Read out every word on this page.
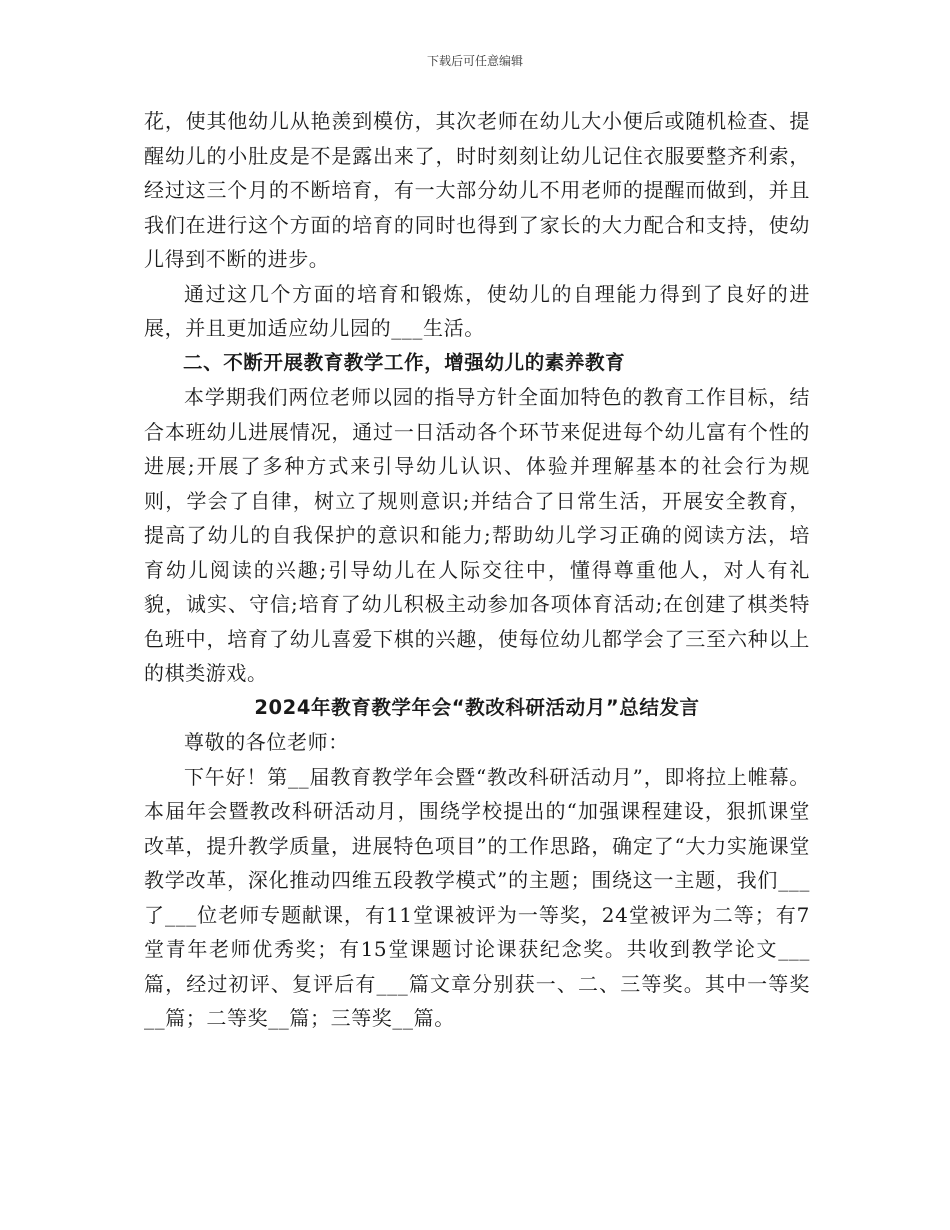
下载后可任意编辑

花，使其他幼儿从艳羡到模仿，其次老师在幼儿大小便后或随机检查、提醒幼儿的小肚皮是不是露出来了，时时刻刻让幼儿记住衣服要整齐利索，经过这三个月的不断培育，有一大部分幼儿不用老师的提醒而做到，并且我们在进行这个方面的培育的同时也得到了家长的大力配合和支持，使幼儿得到不断的进步。

通过这几个方面的培育和锻炼，使幼儿的自理能力得到了良好的进展，并且更加适应幼儿园的___生活。

二、不断开展教育教学工作，增强幼儿的素养教育

本学期我们两位老师以园的指导方针全面加特色的教育工作目标，结合本班幼儿进展情况，通过一日活动各个环节来促进每个幼儿富有个性的进展;开展了多种方式来引导幼儿认识、体验并理解基本的社会行为规则，学会了自律，树立了规则意识;并结合了日常生活，开展安全教育，提高了幼儿的自我保护的意识和能力;帮助幼儿学习正确的阅读方法，培育幼儿阅读的兴趣;引导幼儿在人际交往中，懂得尊重他人，对人有礼貌，诚实、守信;培育了幼儿积极主动参加各项体育活动;在创建了棋类特色班中，培育了幼儿喜爱下棋的兴趣，使每位幼儿都学会了三至六种以上的棋类游戏。

2024年教育教学年会“教改科研活动月”总结发言

尊敬的各位老师：

下午好！第__届教育教学年会暨“教改科研活动月”，即将拉上帷幕。本届年会暨教改科研活动月，围绕学校提出的“加强课程建设，狠抓课堂改革，提升教学质量，进展特色项目”的工作思路，确定了“大力实施课堂教学改革，深化推动四维五段教学模式”的主题；围绕这一主题，我们___了___位老师专题献课，有11堂课被评为一等奖，24堂被评为二等；有7堂青年老师优秀奖；有15堂课题讨论课获纪念奖。共收到教学论文___篇，经过初评、复评后有___篇文章分别获一、二、三等奖。其中一等奖__篇；二等奖__篇；三等奖__篇。
